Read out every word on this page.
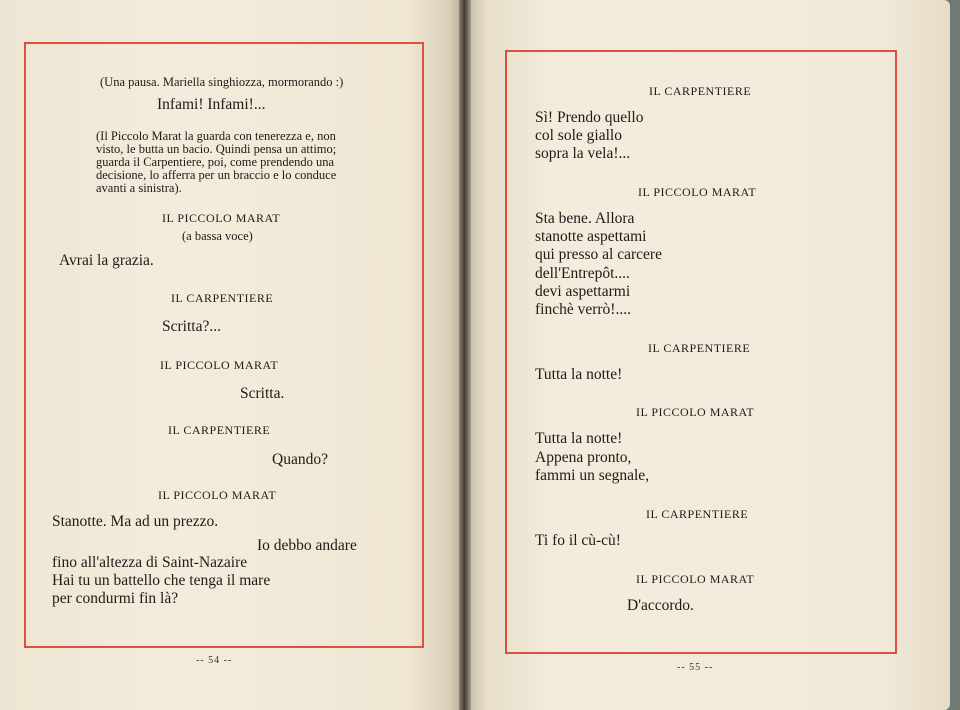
(Una pausa. Mariella singhiozza, mormorando :)
Infami! Infami!...
(Il Piccolo Marat la guarda con tenerezza e, non
visto, le butta un bacio. Quindi pensa un attimo;
guarda il Carpentiere, poi, come prendendo una
decisione, lo afferra per un braccio e lo conduce
avanti a sinistra).
IL PICCOLO MARAT
(a bassa voce)
Avrai la grazia.
IL CARPENTIERE
Scritta?...
IL PICCOLO MARAT
Scritta.
IL CARPENTIERE
Quando?
IL PICCOLO MARAT
Stanotte. Ma ad un prezzo.
Io debbo andare
fino all'altezza di Saint-Nazaire
Hai tu un battello che tenga il mare
per condurmi fin là?
-- 54 --
IL CARPENTIERE
Sì! Prendo quello
col sole giallo
sopra la vela!...
IL PICCOLO MARAT
Sta bene. Allora
stanotte aspettami
qui presso al carcere
dell'Entrepôt....
devi aspettarmi
finchè verrò!....
IL CARPENTIERE
Tutta la notte!
IL PICCOLO MARAT
Tutta la notte!
Appena pronto,
fammi un segnale,
IL CARPENTIERE
Ti fo il cù-cù!
IL PICCOLO MARAT
D'accordo.
-- 55 --
